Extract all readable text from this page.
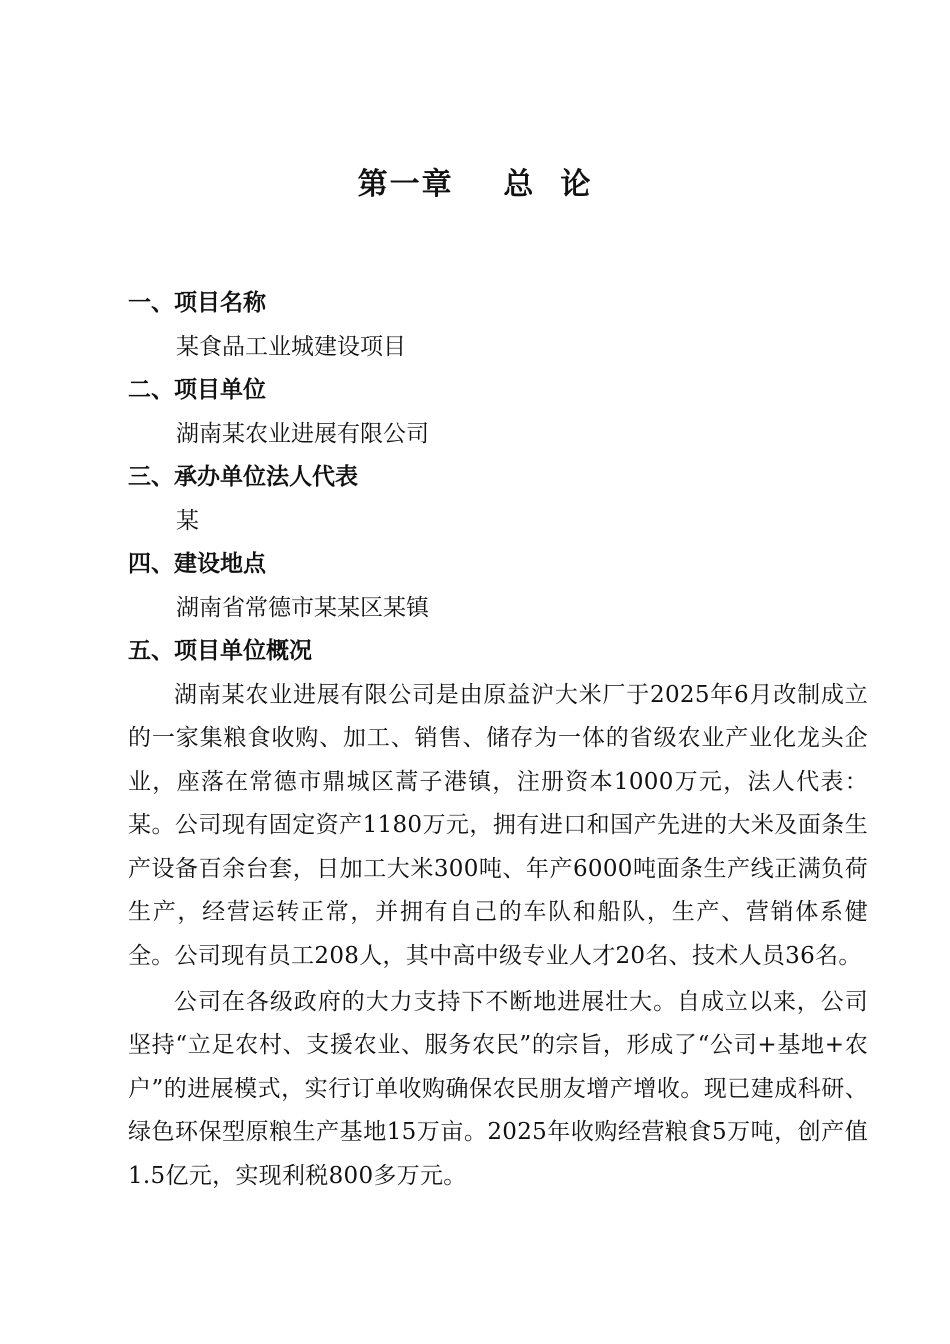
第一章    总  论
一、项目名称
某食品工业城建设项目
二、项目单位
湖南某农业进展有限公司
三、承办单位法人代表
某
四、建设地点
湖南省常德市某某区某镇
五、项目单位概况

湖南某农业进展有限公司是由原益沪大米厂于2025年6月改制成立的一家集粮食收购、加工、销售、储存为一体的省级农业产业化龙头企业，座落在常德市鼎城区蒿子港镇，注册资本1000万元，法人代表：某。公司现有固定资产1180万元，拥有进口和国产先进的大米及面条生产设备百余台套，日加工大米300吨、年产6000吨面条生产线正满负荷生产，经营运转正常，并拥有自己的车队和船队，生产、营销体系健全。公司现有员工208人，其中高中级专业人才20名、技术人员36名。

公司在各级政府的大力支持下不断地进展壮大。自成立以来，公司坚持“立足农村、支援农业、服务农民”的宗旨，形成了“公司+基地+农户”的进展模式，实行订单收购确保农民朋友增产增收。现已建成科研、绿色环保型原粮生产基地15万亩。2025年收购经营粮食5万吨，创产值1.5亿元，实现利税800多万元。
